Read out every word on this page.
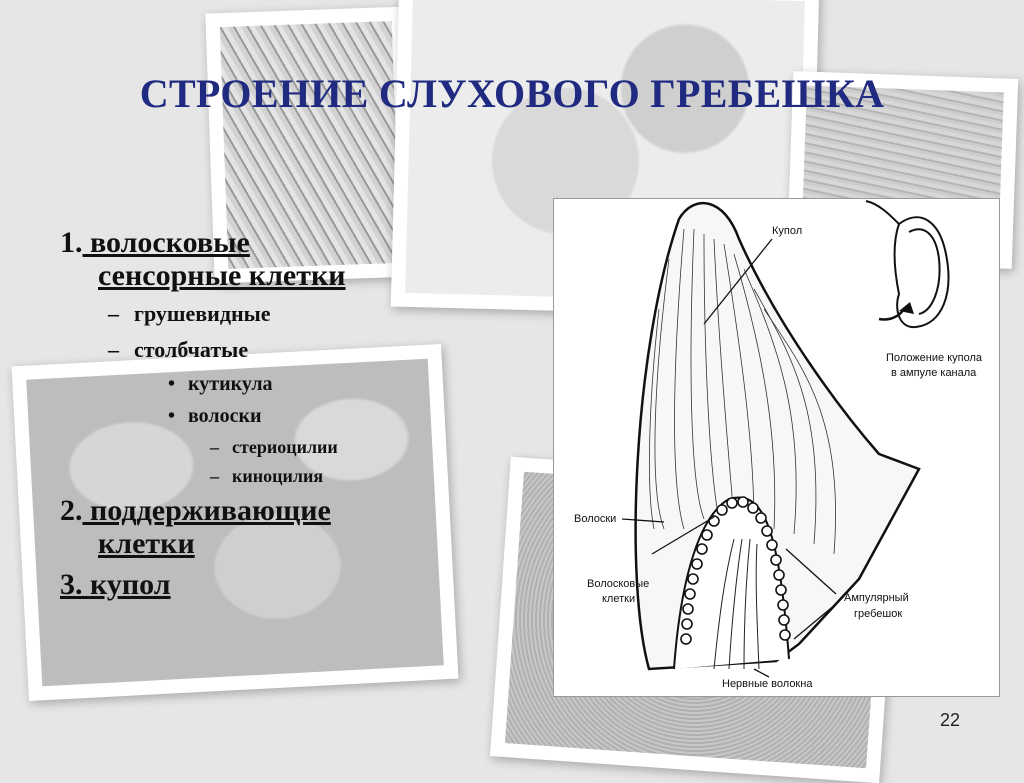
СТРОЕНИЕ СЛУХОВОГО ГРЕБЕШКА
1. волосковые
сенсорные клетки
– грушевидные
– столбчатые
• кутикула
• волоски
– стериоцилии
– киноцилия
2. поддерживающие
клетки
3. купол
Купол
Положение купола
в ампуле канала
Волоски
Волосковые
клетки	Ампулярный
гребешок
Нервные волокна
22
